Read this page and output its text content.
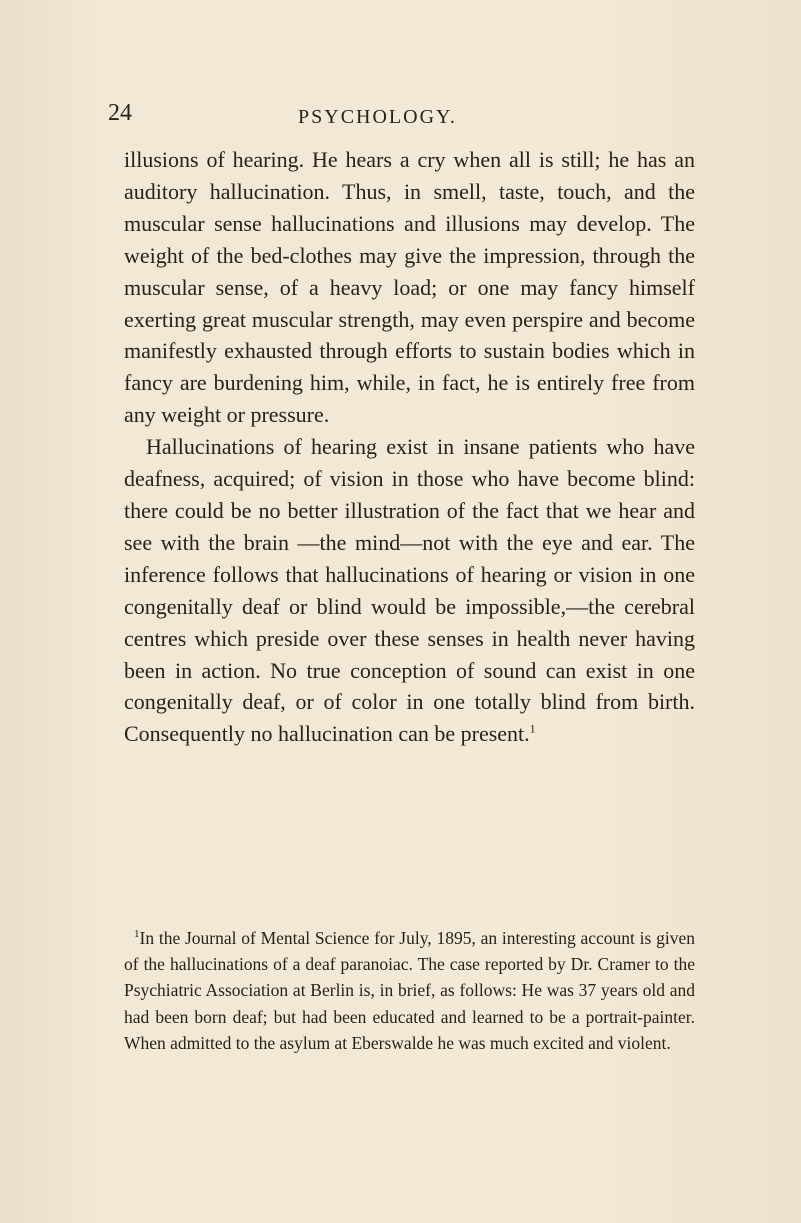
24	PSYCHOLOGY.

illusions of hearing. He hears a cry when all is still; he has an auditory hallucination. Thus, in smell, taste, touch, and the muscular sense hallucinations and illusions may develop. The weight of the bed-clothes may give the impression, through the muscular sense, of a heavy load; or one may fancy himself exerting great muscular strength, may even perspire and become manifestly exhausted through efforts to sustain bodies which in fancy are burdening him, while, in fact, he is entirely free from any weight or pressure.

Hallucinations of hearing exist in insane patients who have deafness, acquired; of vision in those who have become blind: there could be no better illustration of the fact that we hear and see with the brain —the mind—not with the eye and ear. The inference follows that hallucinations of hearing or vision in one congenitally deaf or blind would be impossible,—the cerebral centres which preside over these senses in health never having been in action. No true conception of sound can exist in one congenitally deaf, or of color in one totally blind from birth. Consequently no hallucination can be present.$^1$

$^1$In the Journal of Mental Science for July, 1895, an interesting account is given of the hallucinations of a deaf paranoiac. The case reported by Dr. Cramer to the Psychiatric Association at Berlin is, in brief, as follows: He was 37 years old and had been born deaf; but had been educated and learned to be a portrait-painter. When admitted to the asylum at Eberswalde he was much excited and violent.
